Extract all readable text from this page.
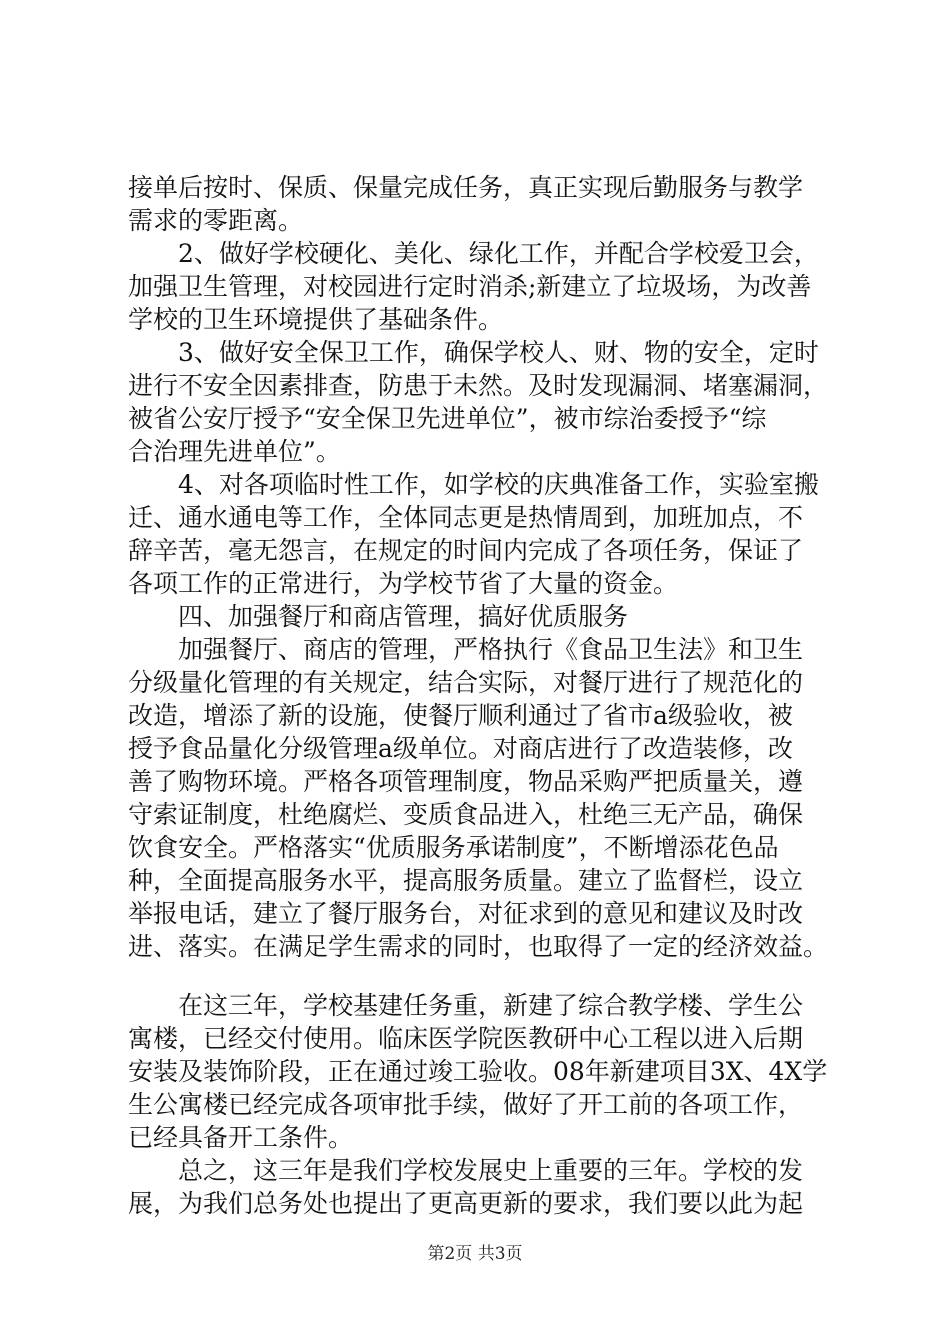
接单后按时、保质、保量完成任务，真正实现后勤服务与教学
需求的零距离。
　　2、做好学校硬化、美化、绿化工作，并配合学校爱卫会，
加强卫生管理，对校园进行定时消杀;新建立了垃圾场，为改善
学校的卫生环境提供了基础条件。
　　3、做好安全保卫工作，确保学校人、财、物的安全，定时
进行不安全因素排查，防患于未然。及时发现漏洞、堵塞漏洞，
被省公安厅授予“安全保卫先进单位”，被市综治委授予“综
合治理先进单位”。
　　4、对各项临时性工作，如学校的庆典准备工作，实验室搬
迁、通水通电等工作，全体同志更是热情周到，加班加点，不
辞辛苦，毫无怨言，在规定的时间内完成了各项任务，保证了
各项工作的正常进行，为学校节省了大量的资金。
　　四、加强餐厅和商店管理，搞好优质服务
　　加强餐厅、商店的管理，严格执行《食品卫生法》和卫生
分级量化管理的有关规定，结合实际，对餐厅进行了规范化的
改造，增添了新的设施，使餐厅顺利通过了省市a级验收，被
授予食品量化分级管理a级单位。对商店进行了改造装修，改
善了购物环境。严格各项管理制度，物品采购严把质量关，遵
守索证制度，杜绝腐烂、变质食品进入，杜绝三无产品，确保
饮食安全。严格落实“优质服务承诺制度”，不断增添花色品
种，全面提高服务水平，提高服务质量。建立了监督栏，设立
举报电话，建立了餐厅服务台，对征求到的意见和建议及时改
进、落实。在满足学生需求的同时，也取得了一定的经济效益。
　　在这三年，学校基建任务重，新建了综合教学楼、学生公
寓楼，已经交付使用。临床医学院医教研中心工程以进入后期
安装及装饰阶段，正在通过竣工验收。08年新建项目3X、4X学
生公寓楼已经完成各项审批手续，做好了开工前的各项工作，
已经具备开工条件。
　　总之，这三年是我们学校发展史上重要的三年。学校的发
展，为我们总务处也提出了更高更新的要求，我们要以此为起
第2页 共3页
